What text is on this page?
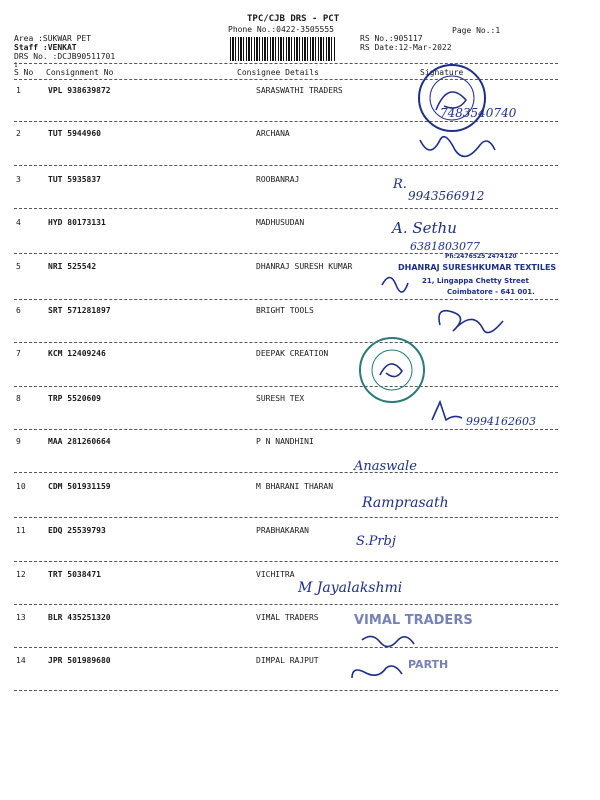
TPC/CJB DRS - PCT
Phone No.:0422-3505555	Page No.:1
Area :SUKWAR PET
Staff :VENKAT
DRS No. :DCJB90511701
1
RS No.:905117
RS Date:12-Mar-2022
S No Consignment No	Consignee Details	Signature
1	VPL 938639872	SARASWATHI TRADERS
2	TUT 5944960	ARCHANA
3	TUT 5935837	ROOBANRAJ
4	HYD 80173131	MADHUSUDAN
5	NRI 525542	DHANRAJ SURESH KUMAR
6	SRT 571281897	BRIGHT TOOLS
7	KCM 12409246	DEEPAK CREATION
8	TRP 5520609	SURESH TEX
9	MAA 281260664	P N NANDHINI
10	CDM 501931159	M BHARANI THARAN
11	EDQ 25539793	PRABHAKARAN
12	TRT 5038471	VICHITRA
13	BLR 435251320	VIMAL TRADERS
14	JPR 501989680	DIMPAL RAJPUT
7483540740
R.
9943566912
A. Sethu
6381803077
Ph:2476525 2474120
DHANRAJ SURESHKUMAR TEXTILES
21, Lingappa Chetty Street
Coimbatore - 641 001.
9994162603
Anaswale
Ramprasath
S.Prbj
M Jayalakshmi
VIMAL TRADERS
PARTH
